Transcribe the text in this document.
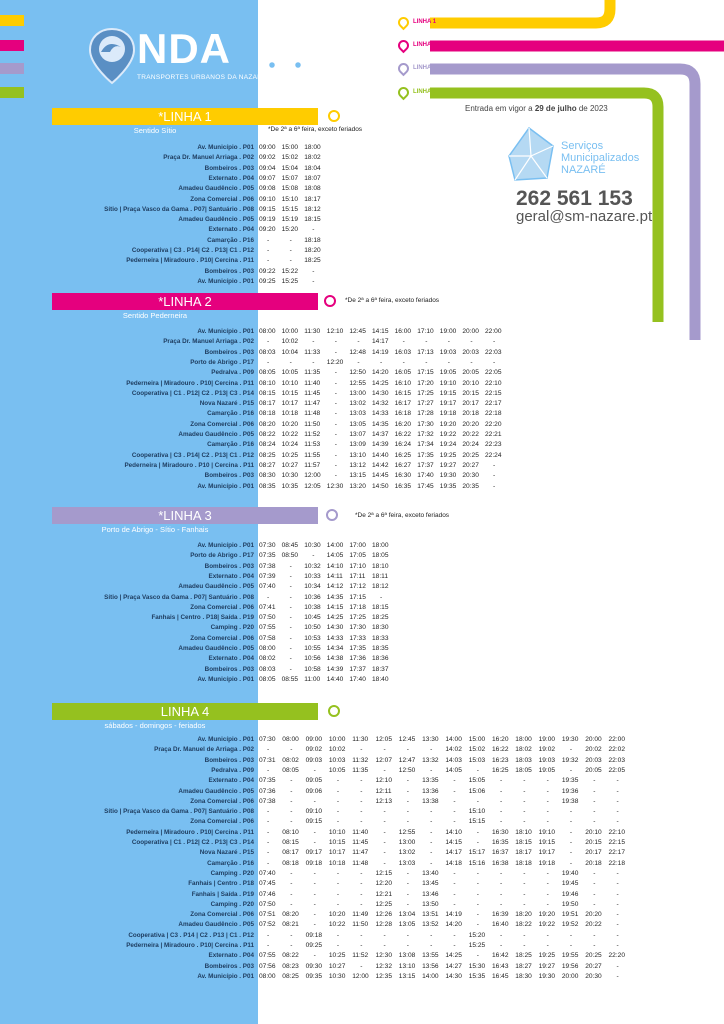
NDA
TRANSPORTES URBANOS DA NAZARÉ
LINHA 1
LINHA 2
LINHA 3
LINHA 4
Entrada em vigor a 29 de julho de 2023
Serviços
Municipalizados
NAZARÉ
262 561 153
geral@sm-nazare.pt
*LINHA 1
Sentido Sítio	*De 2ª a 6ª feira, exceto feriados
Av. Município . P01 09:00 15:00 18:00
Praça Dr. Manuel Arriaga . P02 09:02 15:02 18:02
Bombeiros . P03 09:04 15:04 18:04
Externato . P04 09:07 15:07 18:07
Amadeu Gaudêncio . P05 09:08 15:08 18:08
Zona Comercial . P06 09:10 15:10 18:17
Sítio | Praça Vasco da Gama . P07| Santuário . P08 09:15 15:15 18:12
Amadeu Gaudêncio . P05 09:19 15:19 18:15
Externato . P04 09:20 15:20 -
Camarção . P16 -	- 18:18
Cooperativa | C3 . P14| C2 . P13| C1 . P12 -	- 18:20
Pederneira | Miradouro . P10| Cercina . P11 -	- 18:25
Bombeiros . P03 09:22 15:22 -
Av. Município . P01 09:25 15:25 -
*LINHA 2
Sentido Pederneira
*De 2ª a 6ª feira, exceto feriados
Av. Município . P01 08:00 10:00 11:30 12:10 12:45 14:15 16:00 17:10 19:00 20:00 22:00
Praça Dr. Manuel Arriaga . P02 - 10:02 -	-	- 14:17 -	-	-	-	-
Bombeiros . P03 08:03 10:04 11:33 - 12:48 14:19 16:03 17:13 19:03 20:03 22:03
Porto de Abrigo . P17 -	-	- 12:20 -	-	-	-	-	-	-
Pedralva . P09 08:05 10:05 11:35 - 12:50 14:20 16:05 17:15 19:05 20:05 22:05
Pederneira | Miradouro . P10| Cercina . P11 08:10 10:10 11:40 - 12:55 14:25 16:10 17:20 19:10 20:10 22:10
Cooperativa | C1 . P12| C2 . P13| C3 . P14 08:15 10:15 11:45 - 13:00 14:30 16:15 17:25 19:15 20:15 22:15
Nova Nazaré . P15 08:17 10:17 11:47 - 13:02 14:32 16:17 17:27 19:17 20:17 22:17
Camarção . P16 08:18 10:18 11:48 - 13:03 14:33 16:18 17:28 19:18 20:18 22:18
Zona Comercial . P06 08:20 10:20 11:50 - 13:05 14:35 16:20 17:30 19:20 20:20 22:20
Amadeu Gaudêncio . P05 08:22 10:22 11:52 - 13:07 14:37 16:22 17:32 19:22 20:22 22:21
Camarção . P16 08:24 10:24 11:53 - 13:09 14:39 16:24 17:34 19:24 20:24 22:23
Cooperativa | C3 . P14| C2 . P13| C1 . P12 08:25 10:25 11:55 - 13:10 14:40 16:25 17:35 19:25 20:25 22:24
Pederneira | Miradouro . P10 | Cercina . P11 08:27 10:27 11:57 - 13:12 14:42 16:27 17:37 19:27 20:27 -
Bombeiros . P03 08:30 10:30 12:00 - 13:15 14:45 16:30 17:40 19:30 20:30 -
Av. Município . P01 08:35 10:35 12:05 12:30 13:20 14:50 16:35 17:45 19:35 20:35 -
*LINHA 3
Porto de Abrigo - Sítio - Fanhais
*De 2ª a 6ª feira, exceto feriados
Av. Município . P01 07:30 08:45 10:30 14:00 17:00 18:00
Porto de Abrigo . P17 07:35 08:50 - 14:05 17:05 18:05
Bombeiros . P03 07:38 - 10:32 14:10 17:10 18:10
Externato . P04 07:39 - 10:33 14:11 17:11 18:11
Amadeu Gaudêncio . P05 07:40 - 10:34 14:12 17:12 18:12
Sítio | Praça Vasco da Gama . P07| Santuário . P08 -	- 10:36 14:35 17:15 -
Zona Comercial . P06 07:41 - 10:38 14:15 17:18 18:15
Fanhais | Centro . P18| Saída . P19 07:50 - 10:45 14:25 17:25 18:25
Camping . P20 07:55 - 10:50 14:30 17:30 18:30
Zona Comercial . P06 07:58 - 10:53 14:33 17:33 18:33
Amadeu Gaudêncio . P05 08:00 - 10:55 14:34 17:35 18:35
Externato . P04 08:02 - 10:56 14:38 17:36 18:36
Bombeiros . P03 08:03 - 10:58 14:39 17:37 18:37
Av. Município . P01 08:05 08:55 11:00 14:40 17:40 18:40
LINHA 4
sábados - domingos - feriados
Av. Município . P01 07:30 08:00 09:00 10:00 11:30 12:05 12:45 13:30 14:00 15:00 16:20 18:00 19:00 19:30 20:00 22:00
Praça Dr. Manuel de Arriaga . P02 -	- 09:02 10:02 -	-	-	- 14:02 15:02 16:22 18:02 19:02 - 20:02 22:02
Bombeiros . P03 07:31 08:02 09:03 10:03 11:32 12:07 12:47 13:32 14:03 15:03 16:23 18:03 19:03 19:32 20:03 22:03
Pedralva . P09 - 08:05 - 10:05 11:35 - 12:50 - 14:05 - 16:25 18:05 19:05 - 20:05 22:05
Externato . P04 07:35 - 09:05 -	- 12:10 - 13:35 - 15:05 -	-	- 19:35 -	-
Amadeu Gaudêncio . P05 07:36 - 09:06 -	- 12:11 - 13:36 - 15:06 -	-	- 19:36 -	-
Zona Comercial . P06 07:38 -	-	-	- 12:13 - 13:38 -	-	-	-	- 19:38 -	-
Sítio | Praça Vasco da Gama . P07| Santuário . P08 -	- 09:10 -	-	-	-	-	- 15:10 -	-	-	-	-	-
Zona Comercial . P06 -	- 09:15 -	-	-	-	-	- 15:15 -	-	-	-	-	-
Pederneira | Miradouro . P10| Cercina . P11 - 08:10 - 10:10 11:40 - 12:55 - 14:10 - 16:30 18:10 19:10 - 20:10 22:10
Cooperativa | C1 . P12| C2 . P13| C3 . P14 - 08:15 - 10:15 11:45 - 13:00 - 14:15 - 16:35 18:15 19:15 - 20:15 22:15
Nova Nazaré . P15 - 08:17 09:17 10:17 11:47 - 13:02 - 14:17 15:17 16:37 18:17 19:17 - 20:17 22:17
Camarção . P16 - 08:18 09:18 10:18 11:48 - 13:03 - 14:18 15:16 16:38 18:18 19:18 - 20:18 22:18
Camping . P20 07:40 -	-	-	- 12:15 - 13:40 -	-	-	-	- 19:40 -	-
Fanhais | Centro . P18 07:45 -	-	-	- 12:20 - 13:45 -	-	-	-	- 19:45 -	-
Fanhais | Saída . P19 07:46 -	-	-	- 12:21 - 13:46 -	-	-	-	- 19:46 -	-
Camping . P20 07:50 -	-	-	- 12:25 - 13:50 -	-	-	-	- 19:50 -	-
Zona Comercial . P06 07:51 08:20 - 10:20 11:49 12:26 13:04 13:51 14:19 - 16:39 18:20 19:20 19:51 20:20 -
Amadeu Gaudêncio . P05 07:52 08:21 - 10:22 11:50 12:28 13:05 13:52 14:20 - 16:40 18:22 19:22 19:52 20:22 -
Cooperativa | C3 . P14 | C2 . P13 | C1 . P12 -	- 09:18 -	-	-	-	-	- 15:20 -	-	-	-	-	-
Pederneira | Miradouro . P10| Cercina . P11 -	- 09:25 -	-	-	-	-	- 15:25 -	-	-	-	-	-
Externato . P04 07:55 08:22 - 10:25 11:52 12:30 13:08 13:55 14:25 - 16:42 18:25 19:25 19:55 20:25 22:20
Bombeiros . P03 07:56 08:23 09:30 10:27 - 12:32 13:10 13:56 14:27 15:30 16:43 18:27 19:27 19:56 20:27 -
Av. Município . P01 08:00 08:25 09:35 10:30 12:00 12:35 13:15 14:00 14:30 15:35 16:45 18:30 19:30 20:00 20:30 -
